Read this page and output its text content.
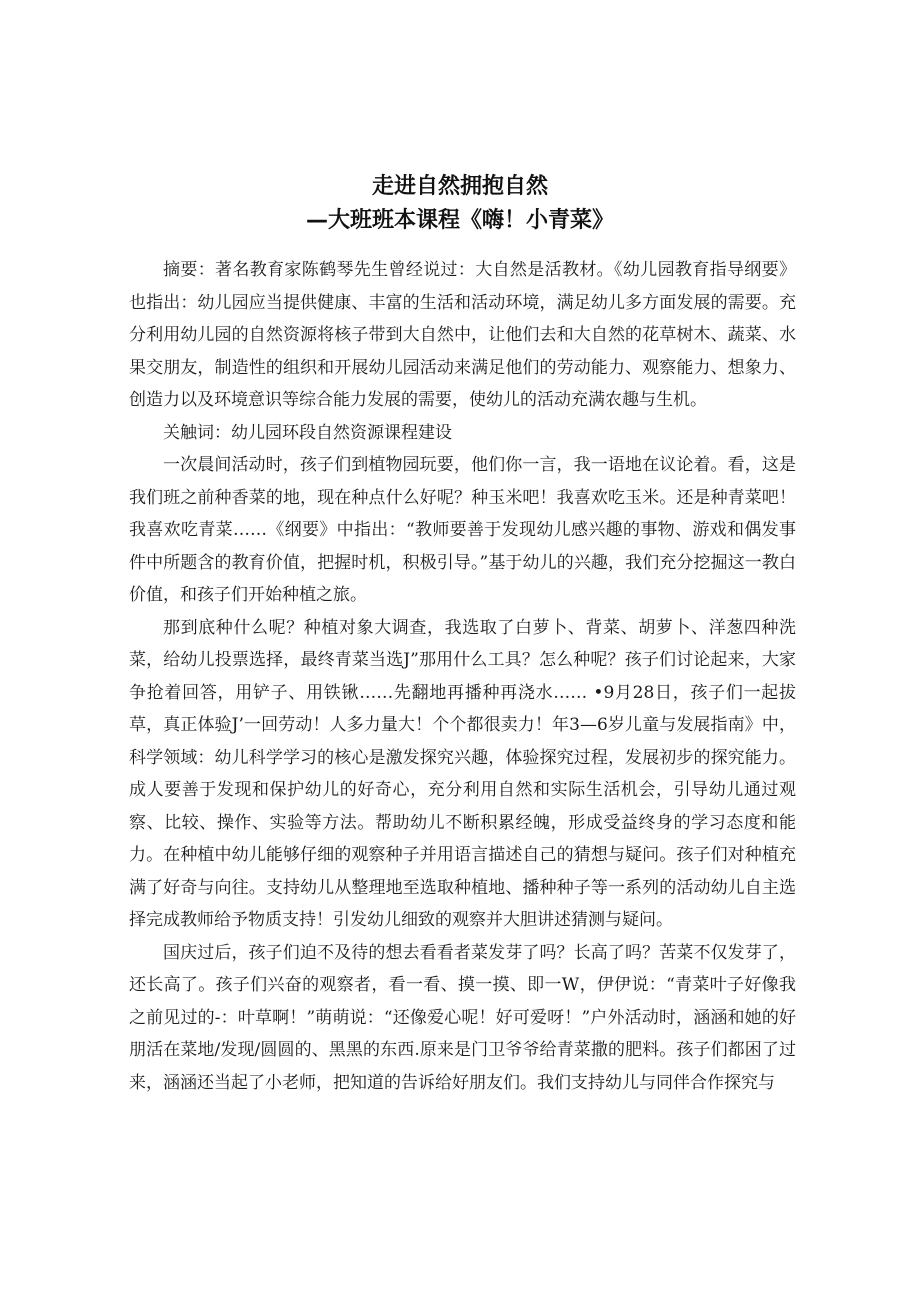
走进自然拥抱自然
—大班班本课程《嗨！小青菜》

摘要：著名教育家陈鹤琴先生曾经说过：大自然是活教材。《幼儿园教育指导纲要》也指出：幼儿园应当提供健康、丰富的生活和活动环境，满足幼儿多方面发展的需要。充分利用幼儿园的自然资源将核子带到大自然中，让他们去和大自然的花草树木、蔬菜、水果交朋友，制造性的组织和开展幼儿园活动来满足他们的劳动能力、观察能力、想象力、创造力以及环境意识等综合能力发展的需要，使幼儿的活动充满农趣与生机。

关触词：幼儿园环段自然资源课程建设

一次晨间活动时，孩子们到植物园玩要，他们你一言，我一语地在议论着。看，这是我们班之前种香菜的地，现在种点什么好呢？种玉米吧！我喜欢吃玉米。还是种青菜吧！我喜欢吃青菜……《纲要》中指出：“教师要善于发现幼儿感兴趣的事物、游戏和偶发事件中所题含的教育价值，把握时机，积极引导。”基于幼儿的兴趣，我们充分挖掘这一教白价值，和孩子们开始种植之旅。

那到底种什么呢？种植对象大调查，我选取了白萝卜、背菜、胡萝卜、洋葱四种洗菜，给幼儿投票选择，最终青菜当选J”那用什么工具？怎么种呢？孩子们讨论起来，大家争抢着回答，用铲子、用铁锹……先翻地再播种再浇水…… •9月28日，孩子们一起拔草，真正体验J’一回劳动！人多力量大！个个都很卖力！年3—6岁儿童与发展指南》中，科学领域：幼儿科学学习的核心是激发探究兴趣，体验探究过程，发展初步的探究能力。成人要善于发现和保护幼儿的好奇心，充分利用自然和实际生活机会，引导幼儿通过观察、比较、操作、实验等方法。帮助幼儿不断积累经魄，形成受益终身的学习态度和能力。在种植中幼儿能够仔细的观察种子并用语言描述自己的猜想与疑问。孩子们对种植充满了好奇与向往。支持幼儿从整理地至选取种植地、播种种子等一系列的活动幼儿自主选择完成教师给予物质支持！引发幼儿细致的观察并大胆讲述猜测与疑问。

国庆过后，孩子们迫不及待的想去看看者菜发芽了吗？长高了吗？苦菜不仅发芽了，还长高了。孩子们兴奋的观察者，看一看、摸一摸、即一W，伊伊说：“青菜叶子好像我之前见过的-：叶草啊！”萌萌说：“还像爱心呢！好可爱呀！”户外活动时，涵涵和她的好朋活在菜地/发现/圆圆的、黑黑的东西.原来是门卫爷爷给青菜撒的肥料。孩子们都困了过来，涵涵还当起了小老师，把知道的告诉给好朋友们。我们支持幼儿与同伴合作探究与
